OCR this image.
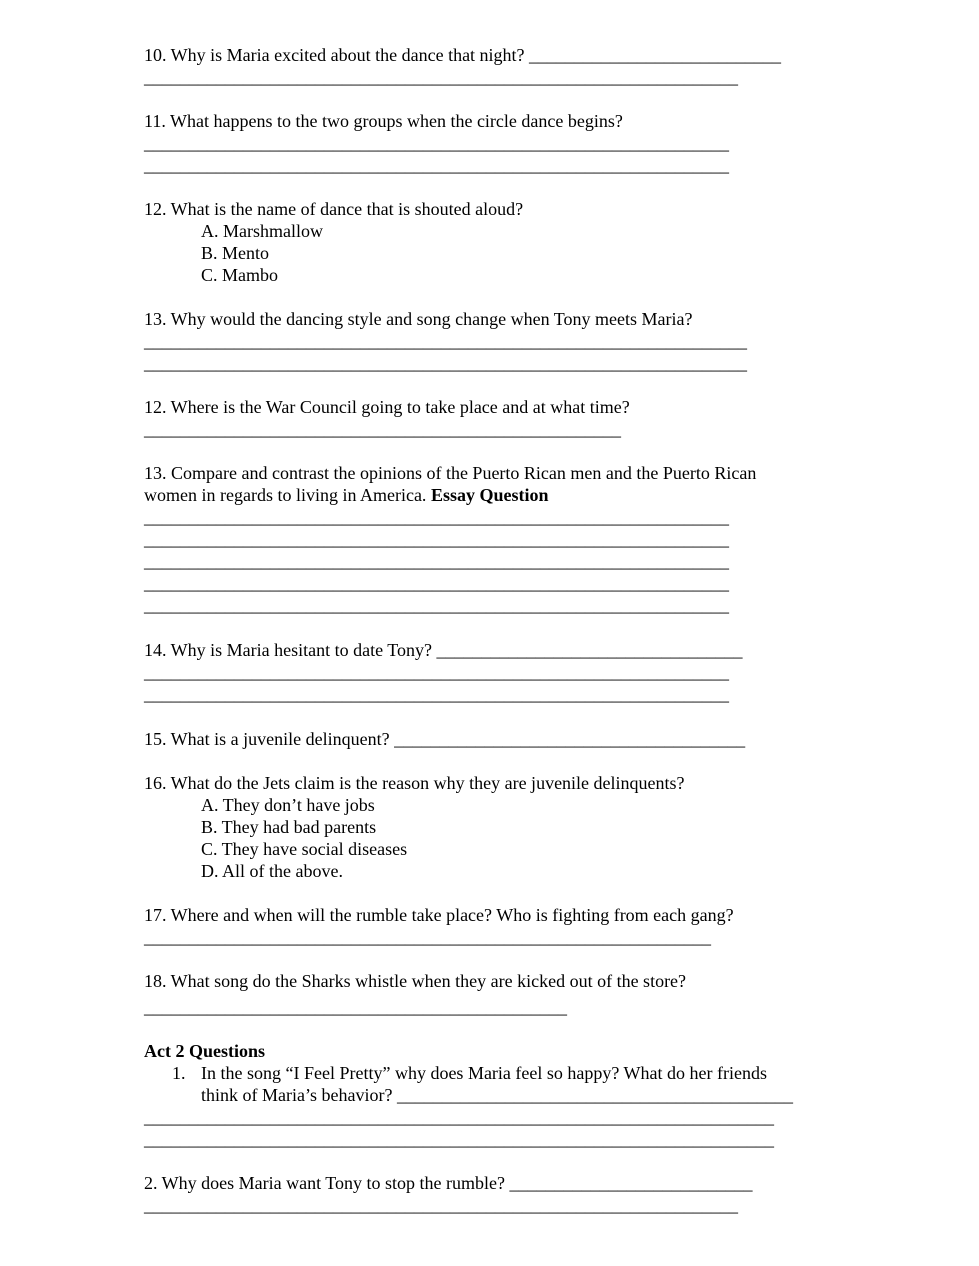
10. Why is Maria excited about the dance that night? ____________________________
__________________________________________________________________
11. What happens to the two groups when the circle dance begins?
_________________________________________________________________
_________________________________________________________________
12. What is the name of dance that is shouted aloud?
A. Marshmallow
B. Mento
C. Mambo
13. Why would the dancing style and song change when Tony meets Maria?
___________________________________________________________________
___________________________________________________________________
12. Where is the War Council going to take place and at what time?
_____________________________________________________
13. Compare and contrast the opinions of the Puerto Rican men and the Puerto Rican
women in regards to living in America. Essay Question
_________________________________________________________________
_________________________________________________________________
_________________________________________________________________
_________________________________________________________________
_________________________________________________________________
14. Why is Maria hesitant to date Tony? __________________________________
_________________________________________________________________
_________________________________________________________________
15. What is a juvenile delinquent? _______________________________________
16. What do the Jets claim is the reason why they are juvenile delinquents?
A. They don’t have jobs
B. They had bad parents
C. They have social diseases
D. All of the above.
17. Where and when will the rumble take place? Who is fighting from each gang?
_______________________________________________________________
18. What song do the Sharks whistle when they are kicked out of the store?
_______________________________________________
Act 2 Questions
1. In the song “I Feel Pretty” why does Maria feel so happy? What do her friends
think of Maria’s behavior? ____________________________________________
______________________________________________________________________
______________________________________________________________________
2. Why does Maria want Tony to stop the rumble? ___________________________
__________________________________________________________________
